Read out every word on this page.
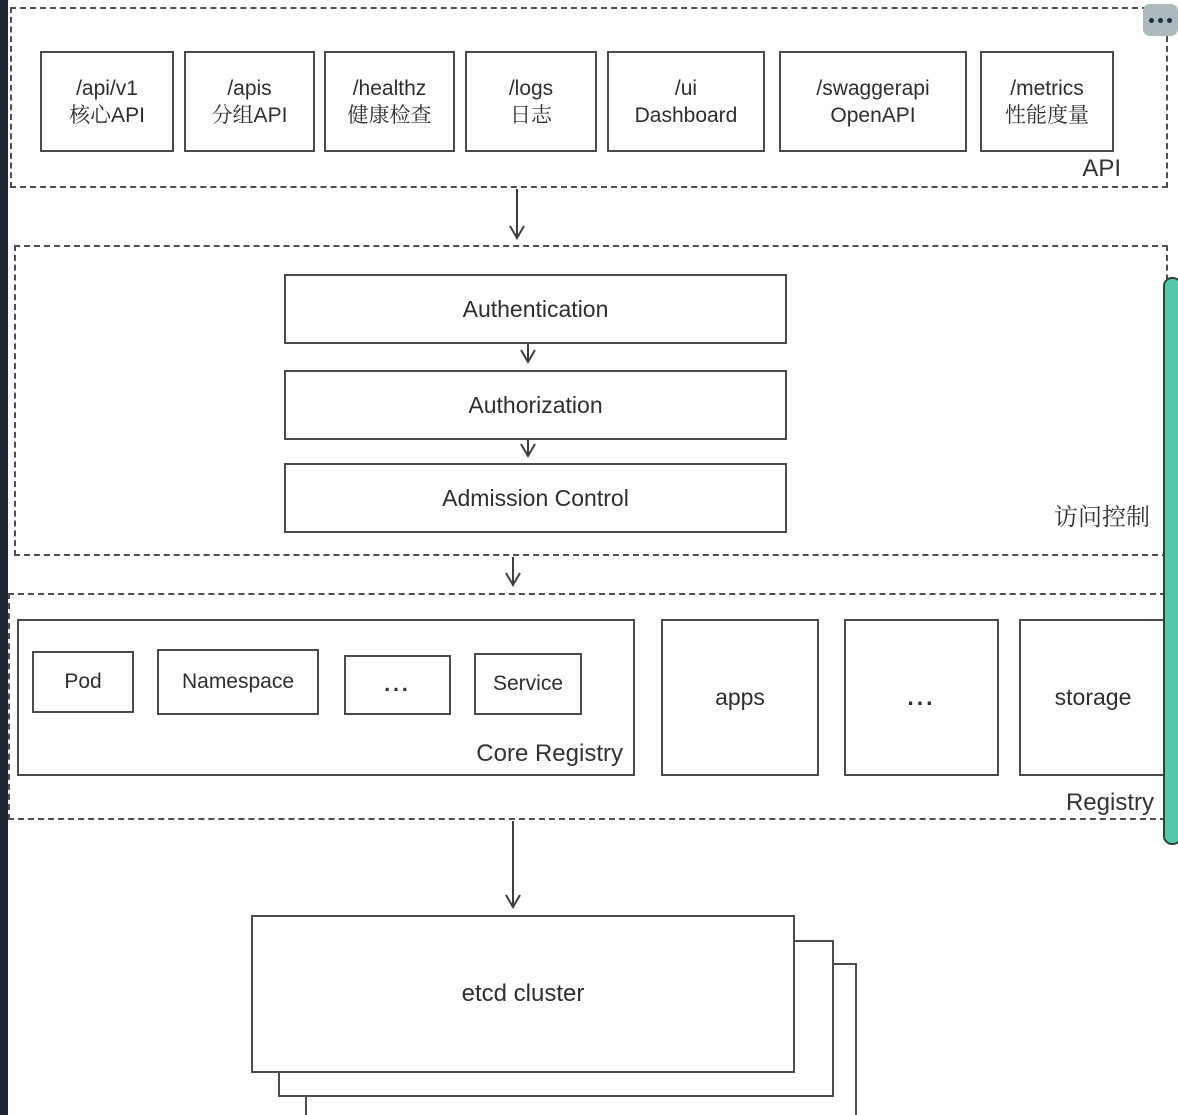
/api/v1
核心API
/apis
分组API
/healthz
健康检查
/logs
日志
/ui
Dashboard
/swaggerapi
OpenAPI
/metrics
性能度量
API
Authentication
Authorization
Admission Control
访问控制
Pod	Namespace	...	Service
Core Registry
apps	...	storage
Registry
etcd cluster
